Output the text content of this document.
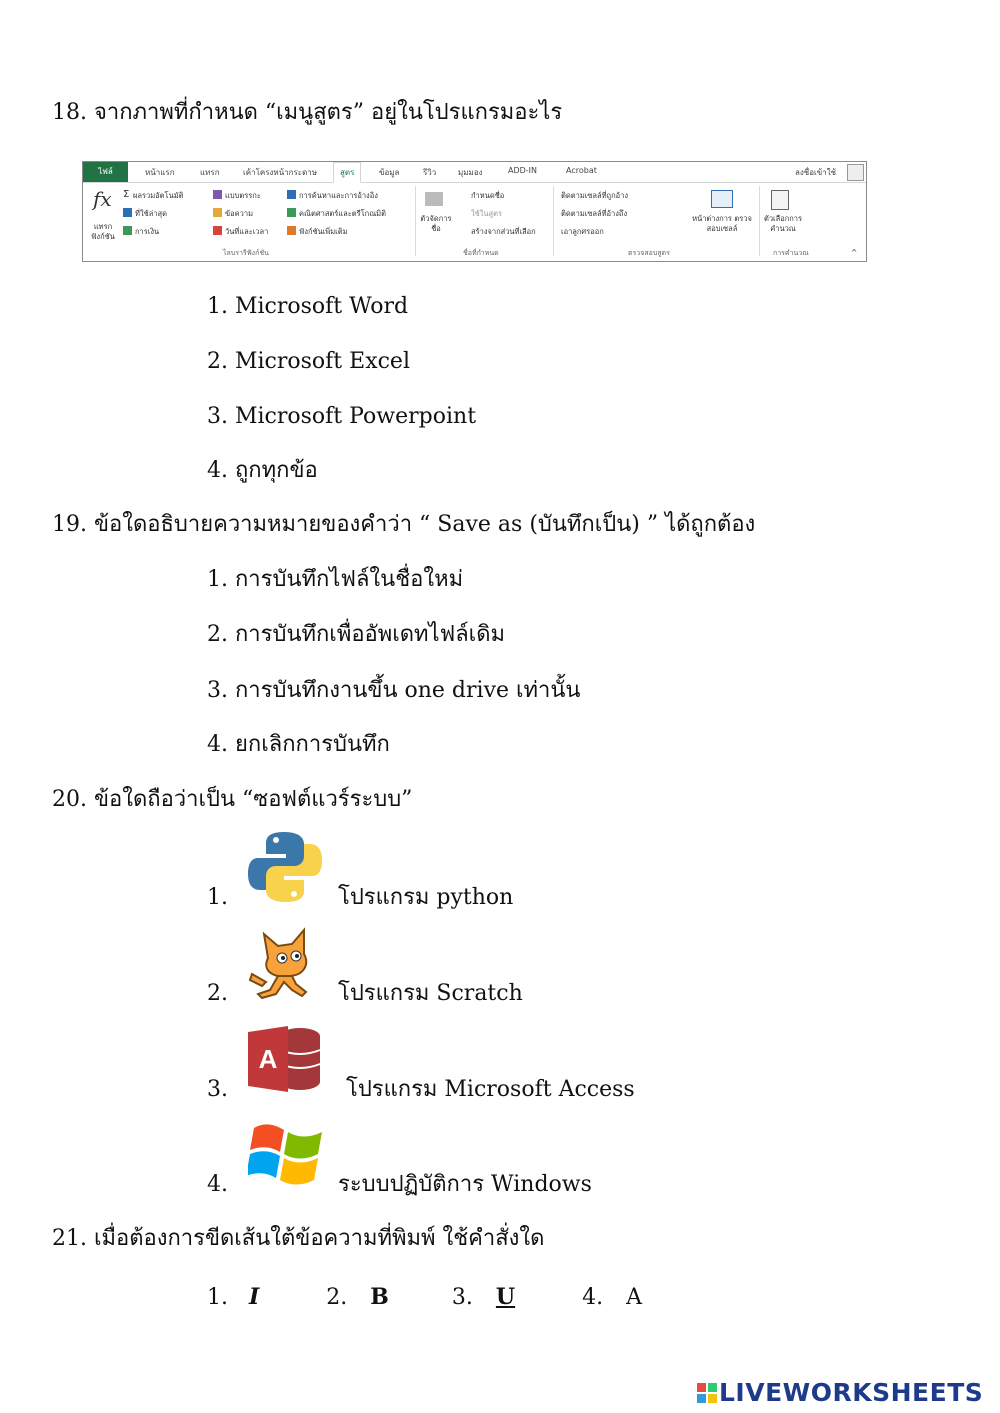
18. จากภาพที่กำหนด “เมนูสูตร” อยู่ในโปรแกรมอะไร
ไฟล์	หน้าแรก	แทรก	เค้าโครงหน้ากระดาษ	สูตร	ข้อมูล	รีวิว	มุมมอง	ADD-IN	Acrobat	ลงชื่อเข้าใช้
fx
แทรก ฟังก์ชัน
Σ ผลรวมอัตโนมัติ
ที่ใช้ล่าสุด
การเงิน
แบบตรรกะ
ข้อความ
วันที่และเวลา
การค้นหาและการอ้างอิง
คณิตศาสตร์และตรีโกณมิติ
ฟังก์ชันเพิ่มเติม
ไลบรารีฟังก์ชัน
ตัวจัดการ ชื่อ
กำหนดชื่อ
ใช้ในสูตร
สร้างจากส่วนที่เลือก
ชื่อที่กำหนด
ติดตามเซลล์ที่ถูกอ้าง
ติดตามเซลล์ที่อ้างถึง
เอาลูกศรออก
หน้าต่างการ ตรวจสอบเซลล์
ตรวจสอบสูตร
ตัวเลือกการ คำนวณ
การคำนวณ	^
1. Microsoft Word
2. Microsoft Excel
3. Microsoft Powerpoint
4. ถูกทุกข้อ
19. ข้อใดอธิบายความหมายของคำว่า “ Save as (บันทึกเป็น) ” ได้ถูกต้อง
1. การบันทึกไฟล์ในชื่อใหม่
2. การบันทึกเพื่ออัพเดทไฟล์เดิม
3. การบันทึกงานขึ้น one drive เท่านั้น
4. ยกเลิกการบันทึก
20. ข้อใดถือว่าเป็น “ซอฟต์แวร์ระบบ”
1.	โปรแกรม python
2.	โปรแกรม Scratch
3.
A
โปรแกรม Microsoft Access
4.	ระบบปฏิบัติการ Windows
21. เมื่อต้องการขีดเส้นใต้ข้อความที่พิมพ์ ใช้คำสั่งใด
1. I	2. B	3. U	4. A
LIVEWORKSHEETS
